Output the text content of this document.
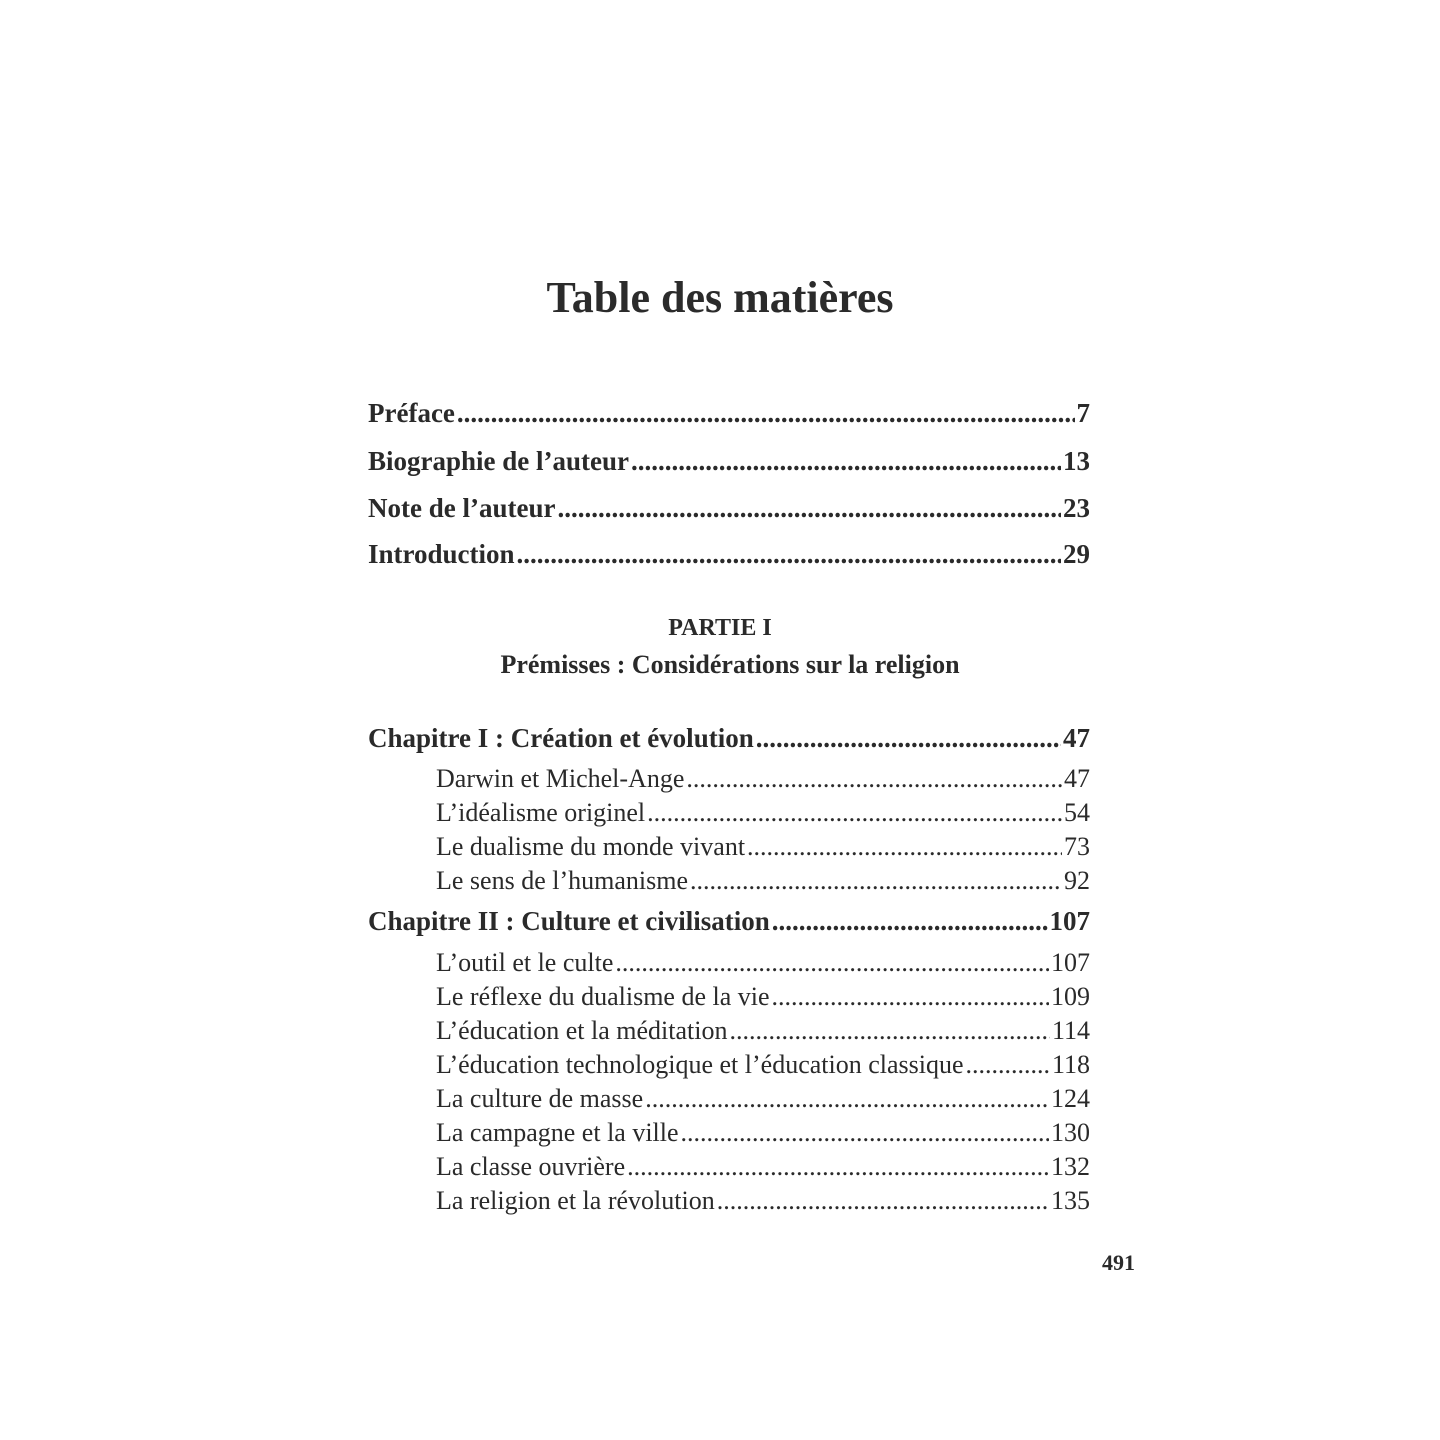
Table des matières
Préface .....	7
Biographie de l’auteur .....	13
Note de l’auteur .....	23
Introduction .....	29
PARTIE I
Prémisses : Considérations sur la religion
Chapitre I : Création et évolution .....	47
Darwin et Michel-Ange .....	47
L’idéalisme originel .....	54
Le dualisme du monde vivant .....	73
Le sens de l’humanisme .....	92
Chapitre II : Culture et civilisation .....	107
L’outil et le culte .....	107
Le réflexe du dualisme de la vie .....	109
L’éducation et la méditation .....	114
L’éducation technologique et l’éducation classique .....	118
La culture de masse .....	124
La campagne et la ville .....	130
La classe ouvrière .....	132
La religion et la révolution .....	135
491
